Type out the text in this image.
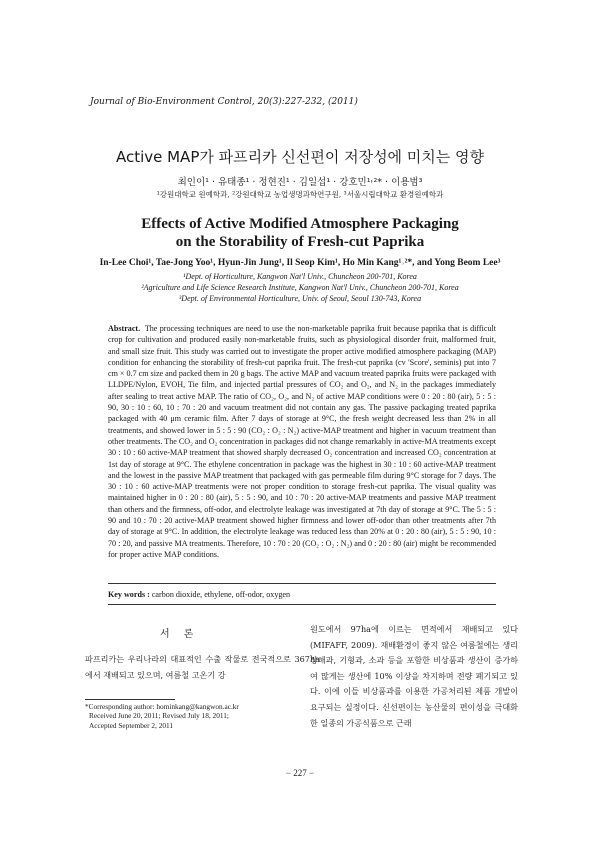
Journal of Bio-Environment Control, 20(3):227-232, (2011)
Active MAP가 파프리카 신선편이 저장성에 미치는 영향
최인이¹ · 유태종¹ · 정현진¹ · 김일섭¹ · 강호민¹˒²* · 이용범³
¹강원대학교 원예학과, ²강원대학교 농업생명과학연구원, ³서울시립대학교 환경원예학과
Effects of Active Modified Atmosphere Packaging
on the Storability of Fresh-cut Paprika
In-Lee Choi¹, Tae-Jong Yoo¹, Hyun-Jin Jung¹, Il Seop Kim¹, Ho Min Kang¹˒²*, and Yong Beom Lee³
¹Dept. of Horticulture, Kangwon Nat'l Univ., Chuncheon 200-701, Korea
²Agriculture and Life Science Research Institute, Kangwon Nat'l Univ., Chuncheon 200-701, Korea
³Dept. of Environmental Horticulture, Univ. of Seoul, Seoul 130-743, Korea
Abstract. The processing techniques are need to use the non-marketable paprika fruit because paprika that is difficult crop for cultivation and produced easily non-marketable fruits, such as physiological disorder fruit, malformed fruit, and small size fruit. This study was carried out to investigate the proper active modified atmosphere packaging (MAP) condition for enhancing the storability of fresh-cut paprika fruit. The fresh-cut paprika (cv 'Score', seminis) put into 7 cm × 0.7 cm size and packed them in 20 g bags. The active MAP and vacuum treated paprika fruits were packaged with LLDPE/Nylon, EVOH, Tie film, and injected partial pressures of CO₂ and O₂, and N₂ in the packages immediately after sealing to treat active MAP. The ratio of CO₂, O₂, and N₂ of active MAP conditions were 0 : 20 : 80 (air), 5 : 5 : 90, 30 : 10 : 60, 10 : 70 : 20 and vacuum treatment did not contain any gas. The passive packaging treated paprika packaged with 40 μm ceramic film. After 7 days of storage at 9°C, the fresh weight decreased less than 2% in all treatments, and showed lower in 5 : 5 : 90 (CO₂ : O₂ : N₂) active-MAP treatment and higher in vacuum treatment than other treatments. The CO₂ and O₂ concentration in packages did not change remarkably in active-MA treatments except 30 : 10 : 60 active-MAP treatment that showed sharply decreased O₂ concentration and increased CO₂ concentration at 1st day of storage at 9°C. The ethylene concentration in package was the highest in 30 : 10 : 60 active-MAP treatment and the lowest in the passive MAP treatment that packaged with gas permeable film during 9°C storage for 7 days. The 30 : 10 : 60 active-MAP treatments were not proper condition to storage fresh-cut paprika. The visual quality was maintained higher in 0 : 20 : 80 (air), 5 : 5 : 90, and 10 : 70 : 20 active-MAP treatments and passive MAP treatment than others and the firmness, off-odor, and electrolyte leakage was investigated at 7th day of storage at 9°C. The 5 : 5 : 90 and 10 : 70 : 20 active-MAP treatment showed higher firmness and lower off-odor than other treatments after 7th day of storage at 9°C. In addition, the electrolyte leakage was reduced less than 20% at 0 : 20 : 80 (air), 5 : 5 : 90, 10 : 70 : 20, and passive MA treatments. Therefore, 10 : 70 : 20 (CO₂ : O₂ : N₂) and 0 : 20 : 80 (air) might be recommended for proper active MAP conditions.
Key words : carbon dioxide, ethylene, off-odor, oxygen
서론
파프리카는 우리나라의 대표적인 수출 작물로 전국적으로 367ha에서 재배되고 있으며, 여름철 고온기 강
원도에서 97ha에 이르는 면적에서 재배되고 있다(MIFAFF, 2009). 재배환경이 좋지 않은 여름철에는 생리장해과, 기형과, 소과 등을 포함한 비상품과 생산이 증가하여 많게는 생산에 10% 이상을 차지하며 전량 폐기되고 있다. 이에 이들 비상품과를 이용한 가공처리된 제품 개발이 요구되는 실정이다. 신선편이는 농산물의 편이성을 극대화한 일종의 가공식품으로 근래
*Corresponding author: hominkang@kangwon.ac.kr
Received June 20, 2011; Revised July 18, 2011;
Accepted September 2, 2011
− 227 −
